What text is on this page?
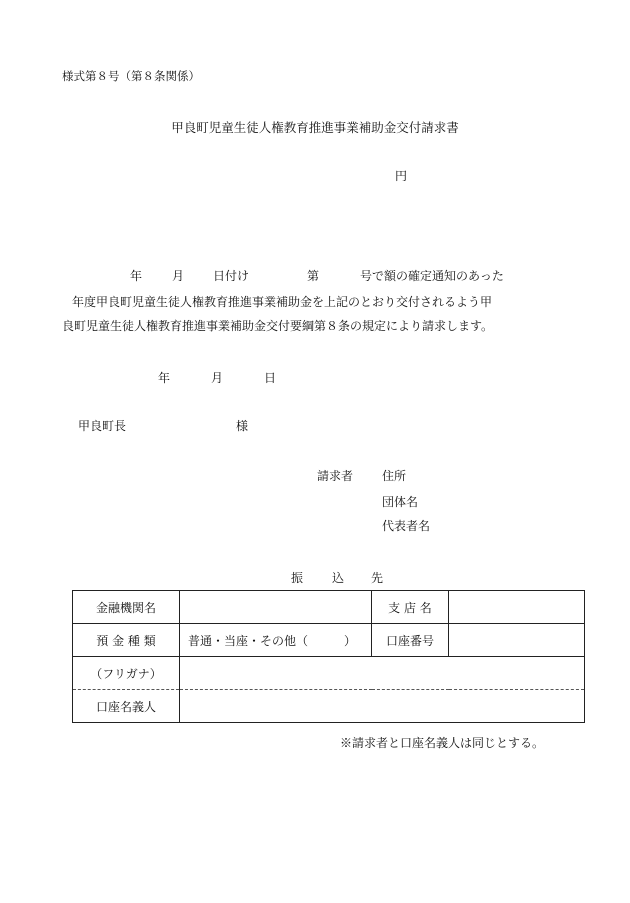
様式第８号（第８条関係）
甲良町児童生徒人権教育推進事業補助金交付請求書
円
年 月 日付け	第	号で額の確定通知のあった
年度甲良町児童生徒人権教育推進事業補助金を上記のとおり交付されるよう甲
良町児童生徒人権教育推進事業補助金交付要綱第８条の規定により請求します。
年	月	日
甲良町長	様
請求者 住所
団体名
代表者名
振 込 先
金融機関名		支 店 名	
預 金 種 類	普通・当座・その他（　　　）	口座番号	
（フリガナ）			
口座名義人			
※請求者と口座名義人は同じとする。
